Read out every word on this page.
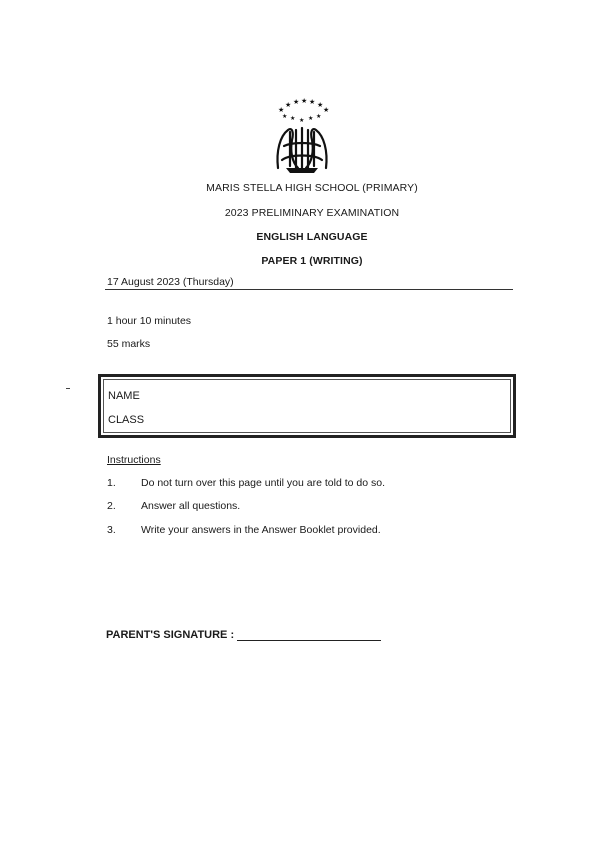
★
★ ★ ★ ★ ★
★
★ ★ ★ ★ ★
MARIS STELLA HIGH SCHOOL (PRIMARY)
2023 PRELIMINARY EXAMINATION
ENGLISH LANGUAGE
PAPER 1 (WRITING)
17 August 2023 (Thursday)
1 hour 10 minutes
55 marks
NAME
CLASS
Instructions
1. Do not turn over this page until you are told to do so.
2. Answer all questions.
3. Write your answers in the Answer Booklet provided.
PARENT'S SIGNATURE :
